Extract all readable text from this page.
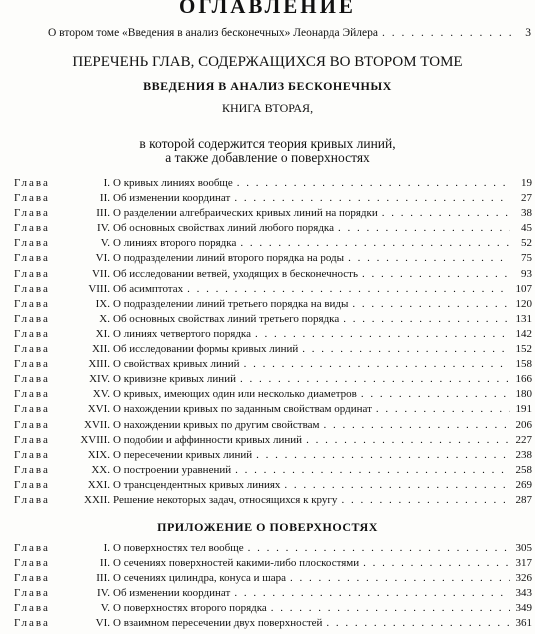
ОГЛАВЛЕНИЕ
О втором томе «Введения в анализ бесконечных» Леонарда Эйлера . . .	3
ПЕРЕЧЕНЬ ГЛАВ, СОДЕРЖАЩИХСЯ ВО ВТОРОМ ТОМЕ
ВВЕДЕНИЯ В АНАЛИЗ БЕСКОНЕЧНЫХ
КНИГА ВТОРАЯ,
в которой содержится теория кривых линий,
а также добавление о поверхностях
Глава	I. О кривых линиях вообще . . .	19
Глава	II. Об изменении координат . . .	27
Глава	III. О разделении алгебраических кривых линий на порядки . . .	38
Глава	IV. Об основных свойствах линий любого порядка . . .	45
Глава	V. О линиях второго порядка . . .	52
Глава	VI. О подразделении линий второго порядка на роды . . .	75
Глава	VII. Об исследовании ветвей, уходящих в бесконечность . . .	93
Глава	VIII. Об асимптотах . . .	107
Глава	IX. О подразделении линий третьего порядка на виды . . .	120
Глава	X. Об основных свойствах линий третьего порядка . . .	131
Глава	XI. О линиях четвертого порядка . . .	142
Глава	XII. Об исследовании формы кривых линий . . .	152
Глава	XIII. О свойствах кривых линий . . .	158
Глава	XIV. О кривизне кривых линий . . .	166
Глава	XV. О кривых, имеющих один или несколько диаметров . . .	180
Глава	XVI. О нахождении кривых по заданным свойствам ординат . . .	191
Глава	XVII. О нахождении кривых по другим свойствам . . .	206
Глава	XVIII. О подобии и аффинности кривых линий . . .	227
Глава	XIX. О пересечении кривых линий . . .	238
Глава	XX. О построении уравнений . . .	258
Глава	XXI. О трансцендентных кривых линиях . . .	269
Глава	XXII. Решение некоторых задач, относящихся к кругу . . .	287
ПРИЛОЖЕНИЕ О ПОВЕРХНОСТЯХ
Глава	I. О поверхностях тел вообще . . .	305
Глава	II. О сечениях поверхностей какими-либо плоскостями . . .	317
Глава	III. О сечениях цилиндра, конуса и шара . . .	326
Глава	IV. Об изменении координат . . .	343
Глава	V. О поверхностях второго порядка . . .	349
Глава	VI. О взаимном пересечении двух поверхностей . . .	361
